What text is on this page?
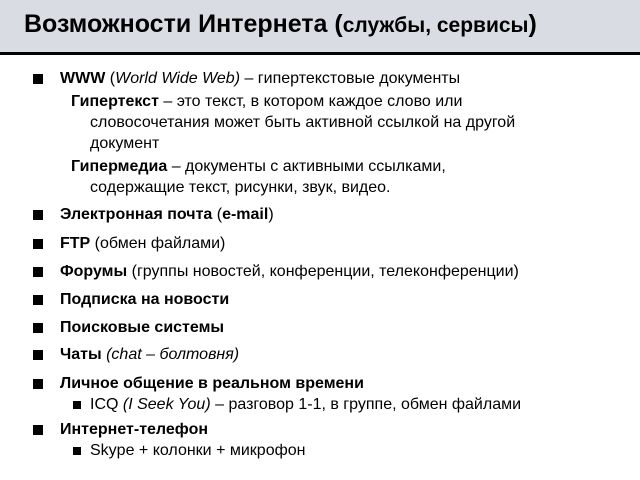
Возможности Интернета (службы, сервисы)
WWW (World Wide Web) – гипертекстовые документы
Гипертекст – это текст, в котором каждое слово или
словосочетания может быть активной ссылкой на другой
документ
Гипермедиа – документы с активными ссылками,
содержащие текст, рисунки, звук, видео.
Электронная почта (e-mail)
FTP (обмен файлами)
Форумы (группы новостей, конференции, телеконференции)
Подписка на новости
Поисковые системы
Чаты (chat – болтовня)
Личное общение в реальном времени
ICQ (I Seek You) – разговор 1-1, в группе, обмен файлами
Интернет-телефон
Skype + колонки + микрофон
